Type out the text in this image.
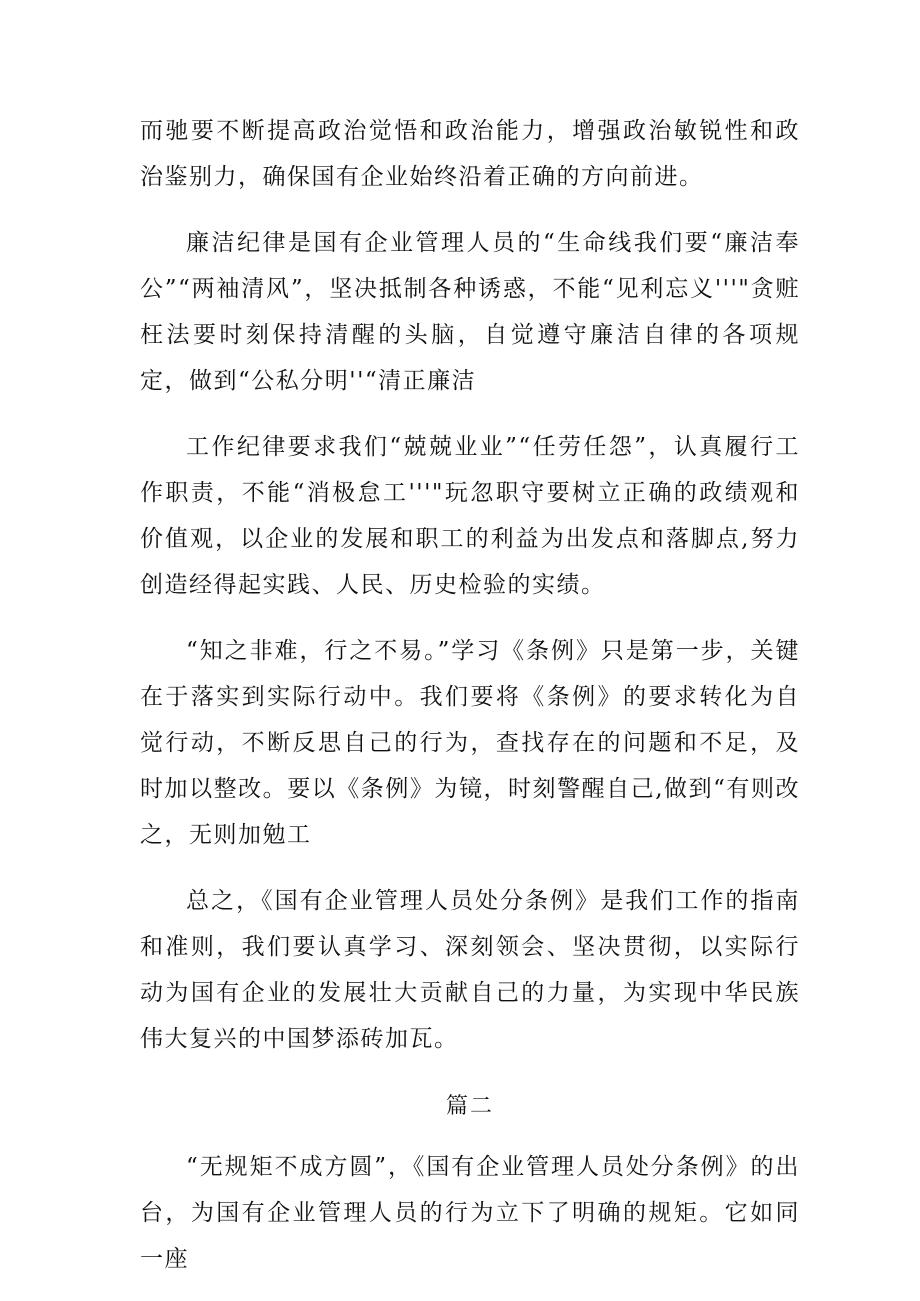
而驰要不断提高政治觉悟和政治能力，增强政治敏锐性和政治鉴别力，确保国有企业始终沿着正确的方向前进。

廉洁纪律是国有企业管理人员的“生命线我们要“廉洁奉公”“两袖清风”，坚决抵制各种诱惑，不能“见利忘义'''"贪赃枉法要时刻保持清醒的头脑，自觉遵守廉洁自律的各项规定，做到“公私分明''“清正廉洁

工作纪律要求我们“兢兢业业”“任劳任怨”，认真履行工作职责，不能“消极怠工'''"玩忽职守要树立正确的政绩观和价值观，以企业的发展和职工的利益为出发点和落脚点,努力创造经得起实践、人民、历史检验的实绩。

“知之非难，行之不易。”学习《条例》只是第一步，关键在于落实到实际行动中。我们要将《条例》的要求转化为自觉行动，不断反思自己的行为，查找存在的问题和不足，及时加以整改。要以《条例》为镜，时刻警醒自己,做到“有则改之，无则加勉工

总之，《国有企业管理人员处分条例》是我们工作的指南和准则，我们要认真学习、深刻领会、坚决贯彻，以实际行动为国有企业的发展壮大贡献自己的力量，为实现中华民族伟大复兴的中国梦添砖加瓦。

篇二

“无规矩不成方圆”，《国有企业管理人员处分条例》的出台，为国有企业管理人员的行为立下了明确的规矩。它如同一座
